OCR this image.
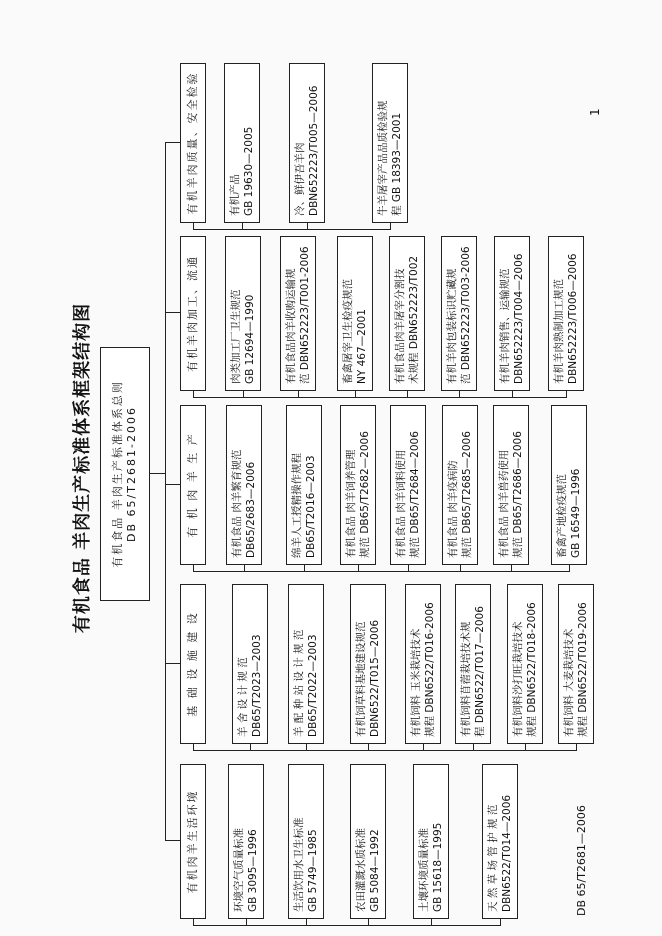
有机食品 羊肉生产标准体系框架结构图
DB 65/T2681—2006
1
有机食品 羊肉生产标准体系总则 DB 65/T2681-2006
有机肉羊生活环境	环境空气质量标准 GB 3095—1996	生活饮用水卫生标准 GB 5749—1985	农田灌溉水质标准 GB 5084—1992	土壤环境质量标准 GB 15618—1995	天 然 草 场 管 护 规 范 DBN6522/T014—2006
基 础 设 施 建 设	羊 舍 设 计 规 范 DB65/T2023—2003	羊 配 种 站 设 计 规 范 DB65/T2022—2003	有机饲草料基地建设规范 DBN6522/T015—2006	有机饲料 玉米栽培技术 规程 DBN6522/T016-2006 有机饲料苜蓿栽培技术规 程 DBN6522/T017—2006 有机饲料沙打旺栽培技术 规程 DBN6522/T018-2006 有机饲料 大麦栽培技术 规程 DBN6522/T019-2006
有 机 肉 羊 生 产	有机食品 肉羊繁育规范 DB65/2683—2006	绵羊人工授精操作规程 DB65/T2016—2003	有机食品 肉羊饲养管理 规范 DB65/T2682—2006 有机食品 肉羊饲料使用 规范 DB65/T2684—2006 有机食品 肉羊疫病防 规范 DB65/T2685—2006 有机食品 肉羊兽药使用 规范 DB65/T2686—2006	畜禽产地检疫规范 GB 16549—1996
有机羊肉加工、流通	肉类加工厂卫生规范 GB 12694—1990	有机食品肉羊收购运输规 范 DBN652223/T001-2006	畜禽屠宰卫生检疫规范 NY 467—2001 有机食品肉羊屠宰分割技 术规程 DBN652223/T002 有机羊肉包装标识贮藏规 范 DBN652223/T003-2006	有机羊肉销售、运输规范 DBN652223/T004—2006	有机羊肉熟制加工规范 DBN652223/T006—2006
有机羊肉质量、安全检验	有机产品 GB 19630—2005	冷、鲜伊吾羊肉 DBN652223/T005—2006	牛羊屠宰产品品质检验规 程 GB 18393—2001
